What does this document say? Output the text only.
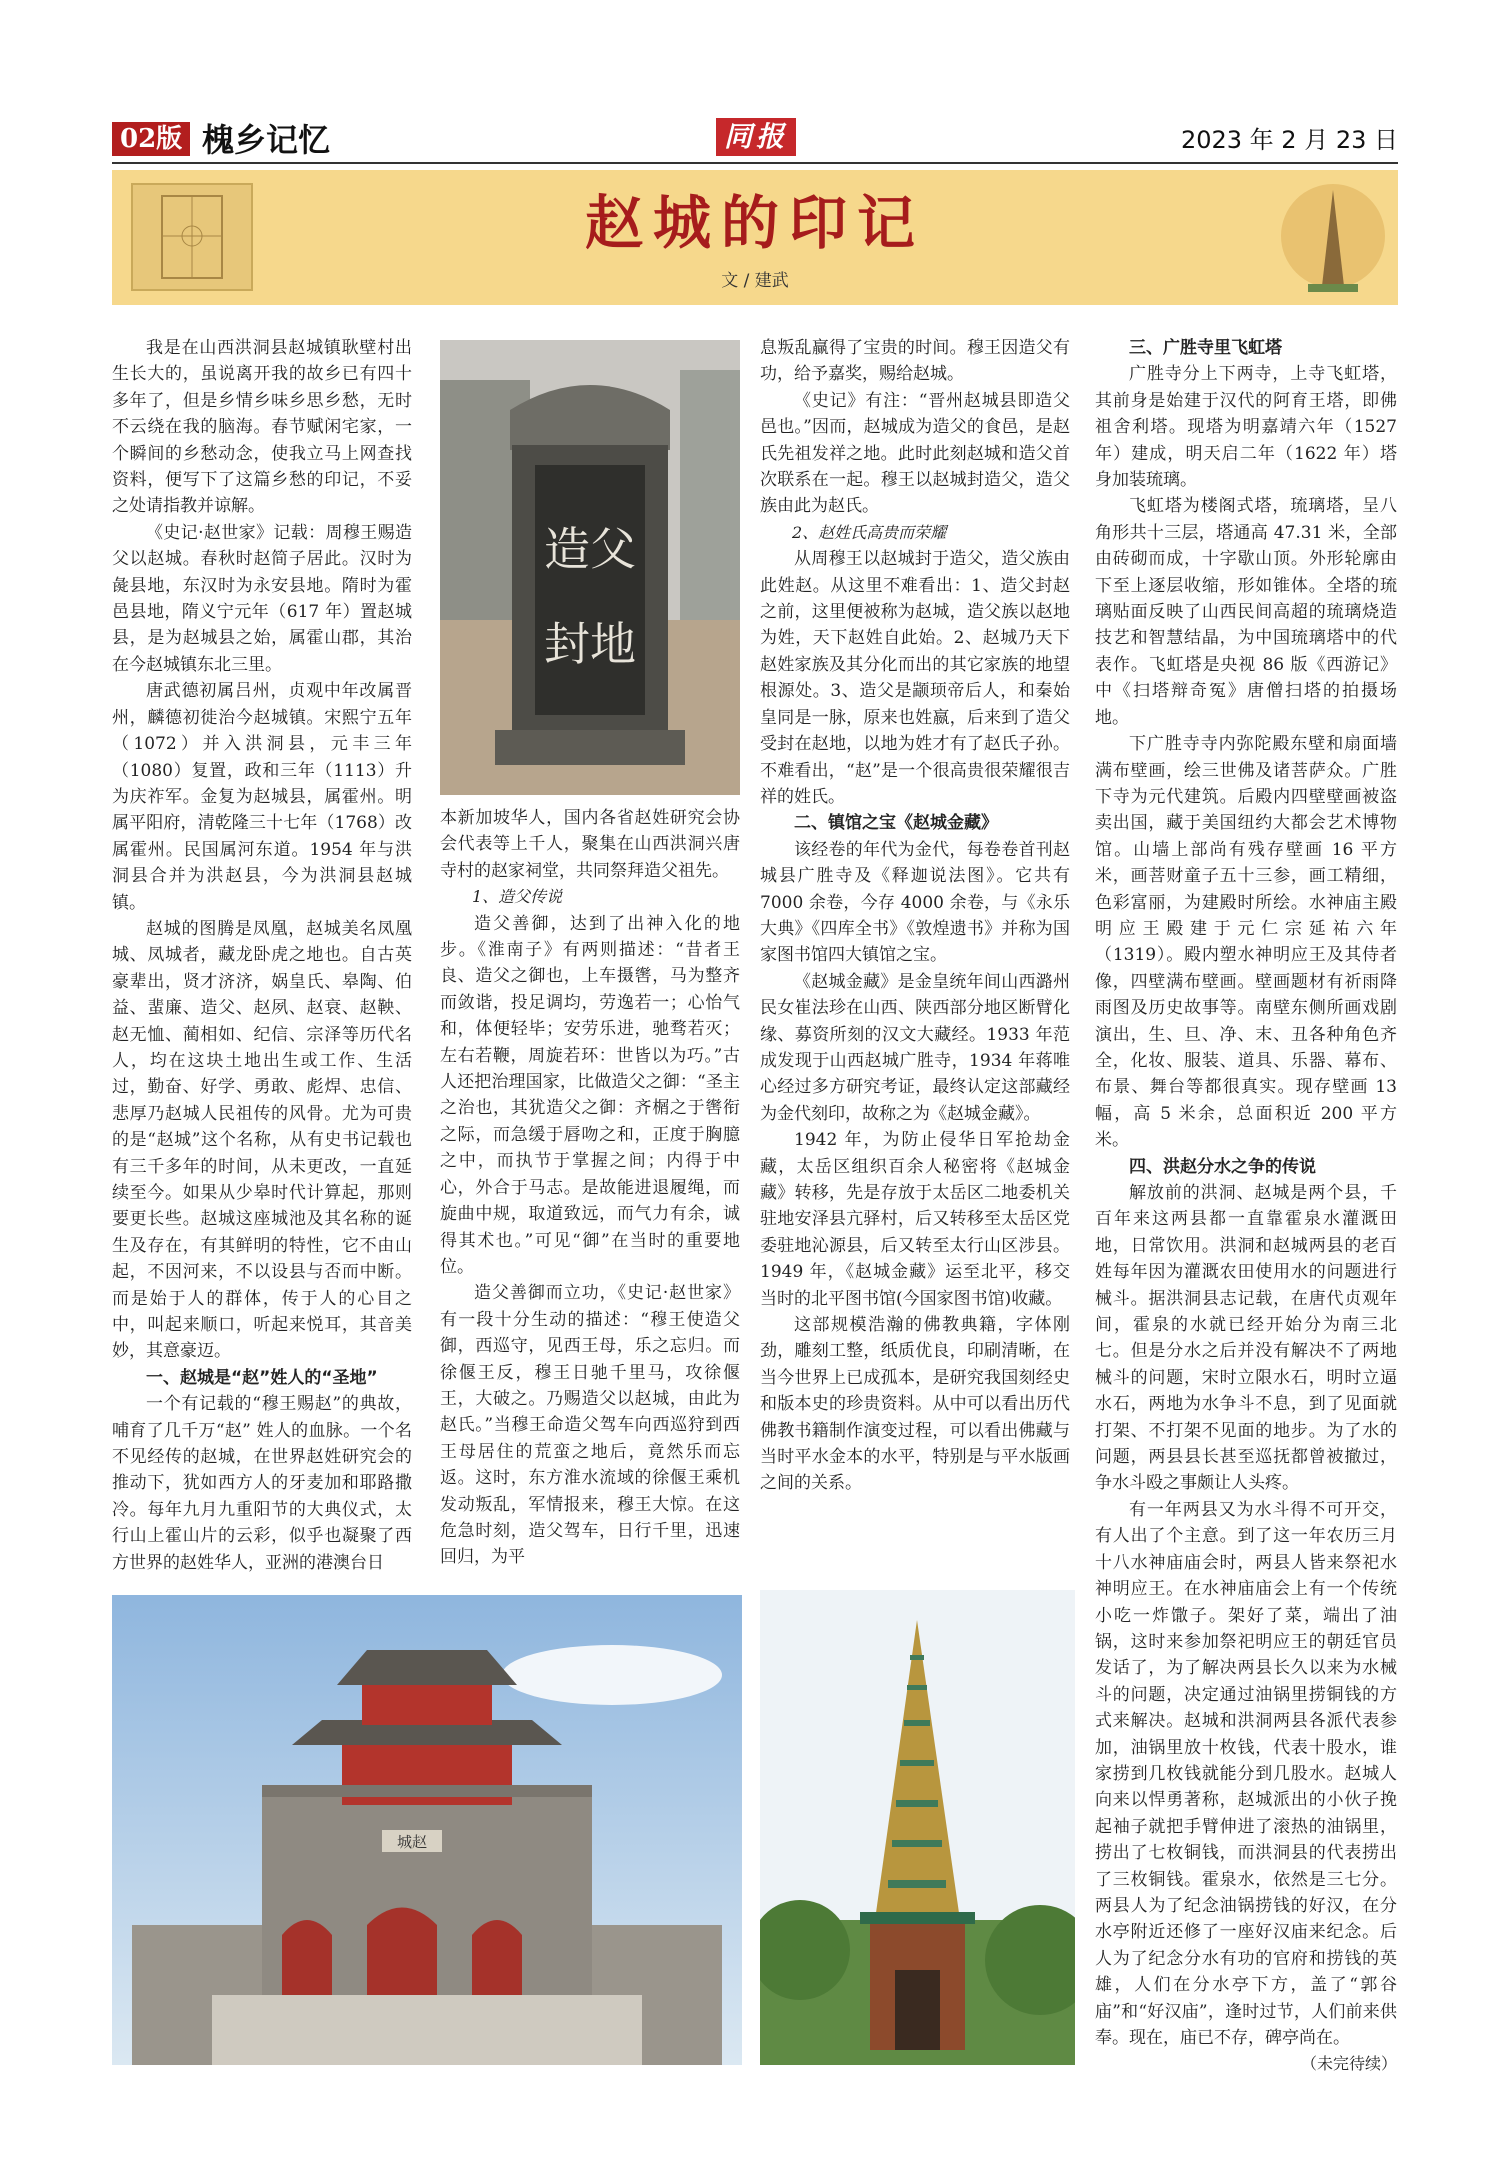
02版 槐乡记忆	同报	2023 年 2 月 23 日
赵城的印记
文 / 建武

我是在山西洪洞县赵城镇耿壁村出生长大的，虽说离开我的故乡已有四十多年了，但是乡情乡味乡思乡愁，无时不云绕在我的脑海。春节赋闲宅家，一个瞬间的乡愁动念，使我立马上网查找资料，便写下了这篇乡愁的印记，不妥之处请指教并谅解。

《史记·赵世家》记载：周穆王赐造父以赵城。春秋时赵简子居此。汉时为彘县地，东汉时为永安县地。隋时为霍邑县地，隋义宁元年（617 年）置赵城县，是为赵城县之始，属霍山郡，其治在今赵城镇东北三里。

唐武德初属吕州，贞观中年改属晋州，麟德初徙治今赵城镇。宋熙宁五年（1072）并入洪洞县，元丰三年（1080）复置，政和三年（1113）升为庆祚军。金复为赵城县，属霍州。明属平阳府，清乾隆三十七年（1768）改属霍州。民国属河东道。1954 年与洪洞县合并为洪赵县，今为洪洞县赵城镇。

赵城的图腾是凤凰，赵城美名凤凰城、凤城者，藏龙卧虎之地也。自古英豪辈出，贤才济济，娲皇氏、皋陶、伯益、蜚廉、造父、赵夙、赵衰、赵鞅、赵无恤、蔺相如、纪信、宗泽等历代名人，均在这块土地出生或工作、生活过，勤奋、好学、勇敢、彪焊、忠信、悲厚乃赵城人民祖传的风骨。尤为可贵的是“赵城”这个名称，从有史书记载也有三千多年的时间，从未更改，一直延续至今。如果从少皋时代计算起，那则要更长些。赵城这座城池及其名称的诞生及存在，有其鲜明的特性，它不由山起，不因河来，不以设县与否而中断。而是始于人的群体，传于人的心目之中，叫起来顺口，听起来悦耳，其音美妙，其意豪迈。

一、赵城是“赵”姓人的“圣地”

一个有记载的“穆王赐赵”的典故，哺育了几千万“赵” 姓人的血脉。一个名不见经传的赵城，在世界赵姓研究会的推动下，犹如西方人的牙麦加和耶路撒冷。每年九月九重阳节的大典仪式，太行山上霍山片的云彩，似乎也凝聚了西方世界的赵姓华人，亚洲的港澳台日

造父
封地

本新加坡华人，国内各省赵姓研究会协会代表等上千人，聚集在山西洪洞兴唐寺村的赵家祠堂，共同祭拜造父祖先。

1、造父传说

造父善御，达到了出神入化的地步。《淮南子》有两则描述：“昔者王良、造父之御也，上车摄辔，马为整齐而敛谐，投足调均，劳逸若一；心怡气和，体便轻毕；安劳乐进，驰骛若灭；左右若鞭，周旋若环：世皆以为巧。”古人还把治理国家，比做造父之御：“圣主之治也，其犹造父之御：齐榍之于辔衔之际，而急缓于唇吻之和，正度于胸臆之中，而执节于掌握之间；内得于中心，外合于马志。是故能进退履绳，而旋曲中规，取道致远，而气力有余，诚得其术也。”可见“御”在当时的重要地位。

造父善御而立功，《史记·赵世家》有一段十分生动的描述：“穆王使造父御，西巡守，见西王母，乐之忘归。而徐偃王反，穆王日驰千里马，攻徐偃王，大破之。乃赐造父以赵城，由此为赵氏。”当穆王命造父驾车向西巡狩到西王母居住的荒蛮之地后，竟然乐而忘返。这时，东方淮水流域的徐偃王乘机发动叛乱，军情报来，穆王大惊。在这危急时刻，造父驾车，日行千里，迅速回归，为平

息叛乱赢得了宝贵的时间。穆王因造父有功，给予嘉奖，赐给赵城。

《史记》有注：“晋州赵城县即造父邑也。”因而，赵城成为造父的食邑，是赵氏先祖发祥之地。此时此刻赵城和造父首次联系在一起。穆王以赵城封造父，造父族由此为赵氏。

2、赵姓氏高贵而荣耀

从周穆王以赵城封于造父，造父族由此姓赵。从这里不难看出：1、造父封赵之前，这里便被称为赵城，造父族以赵地为姓，天下赵姓自此始。2、赵城乃天下赵姓家族及其分化而出的其它家族的地望根源处。3、造父是颛顼帝后人，和秦始皇同是一脉，原来也姓嬴，后来到了造父受封在赵地，以地为姓才有了赵氏子孙。不难看出，“赵”是一个很高贵很荣耀很吉祥的姓氏。

二、镇馆之宝《赵城金藏》

该经卷的年代为金代，每卷卷首刊赵城县广胜寺及《释迦说法图》。它共有 7000 余卷，今存 4000 余卷，与《永乐大典》《四库全书》《敦煌遗书》并称为国家图书馆四大镇馆之宝。

《赵城金藏》是金皇统年间山西潞州民女崔法珍在山西、陕西部分地区断臂化缘、募资所刻的汉文大藏经。1933 年范成发现于山西赵城广胜寺，1934 年蒋唯心经过多方研究考证，最终认定这部藏经为金代刻印，故称之为《赵城金藏》。

1942 年，为防止侵华日军抢劫金藏，太岳区组织百余人秘密将《赵城金藏》转移，先是存放于太岳区二地委机关驻地安泽县亢驿村，后又转移至太岳区党委驻地沁源县，后又转至太行山区涉县。1949 年，《赵城金藏》运至北平，移交当时的北平图书馆(今国家图书馆)收藏。

这部规模浩瀚的佛教典籍，字体刚劲，雕刻工整，纸质优良，印刷清晰，在当今世界上已成孤本，是研究我国刻经史和版本史的珍贵资料。从中可以看出历代佛教书籍制作演变过程，可以看出佛藏与当时平水金本的水平，特别是与平水版画之间的关系。

三、广胜寺里飞虹塔

广胜寺分上下两寺，上寺飞虹塔，其前身是始建于汉代的阿育王塔，即佛祖舍利塔。现塔为明嘉靖六年（1527 年）建成，明天启二年（1622 年）塔身加装琉璃。

飞虹塔为楼阁式塔，琉璃塔，呈八角形共十三层，塔通高 47.31 米，全部由砖砌而成，十字歇山顶。外形轮廓由下至上逐层收缩，形如锥体。全塔的琉璃贴面反映了山西民间高超的琉璃烧造技艺和智慧结晶，为中国琉璃塔中的代表作。飞虹塔是央视 86 版《西游记》中《扫塔辩奇冤》唐僧扫塔的拍摄场地。

下广胜寺寺内弥陀殿东壁和扇面墙满布壁画，绘三世佛及诸菩萨众。广胜下寺为元代建筑。后殿内四壁壁画被盗卖出国，藏于美国纽约大都会艺术博物馆。山墙上部尚有残存壁画 16 平方米，画菩财童子五十三参，画工精细，色彩富丽，为建殿时所绘。水神庙主殿明应王殿建于元仁宗延祐六年（1319）。殿内塑水神明应王及其侍者像，四壁满布壁画。壁画题材有祈雨降雨图及历史故事等。南壁东侧所画戏剧演出，生、旦、净、末、丑各种角色齐全，化妆、服装、道具、乐器、幕布、布景、舞台等都很真实。现存壁画 13 幅，高 5 米余，总面积近 200 平方米。

四、洪赵分水之争的传说

解放前的洪洞、赵城是两个县，千百年来这两县都一直靠霍泉水灌溉田地，日常饮用。洪洞和赵城两县的老百姓每年因为灌溉农田使用水的问题进行械斗。据洪洞县志记载，在唐代贞观年间，霍泉的水就已经开始分为南三北七。但是分水之后并没有解决不了两地械斗的问题，宋时立限水石，明时立逼水石，两地为水争斗不息，到了见面就打架、不打架不见面的地步。为了水的问题，两县县长甚至巡抚都曾被撤过，争水斗殴之事颇让人头疼。

有一年两县又为水斗得不可开交，有人出了个主意。到了这一年农历三月十八水神庙庙会时，两县人皆来祭祀水神明应王。在水神庙庙会上有一个传统小吃一炸馓子。架好了菜，端出了油锅，这时来参加祭祀明应王的朝廷官员发话了，为了解决两县长久以来为水械斗的问题，决定通过油锅里捞铜钱的方式来解决。赵城和洪洞两县各派代表参加，油锅里放十枚钱，代表十股水，谁家捞到几枚钱就能分到几股水。赵城人向来以悍勇著称，赵城派出的小伙子挽起袖子就把手臂伸进了滚热的油锅里，捞出了七枚铜钱，而洪洞县的代表捞出了三枚铜钱。霍泉水，依然是三七分。两县人为了纪念油锅捞钱的好汉，在分水亭附近还修了一座好汉庙来纪念。后人为了纪念分水有功的官府和捞钱的英雄，人们在分水亭下方，盖了“郭谷庙”和“好汉庙”，逢时过节，人们前来供奉。现在，庙已不存，碑亭尚在。

（未完待续）

城赵
